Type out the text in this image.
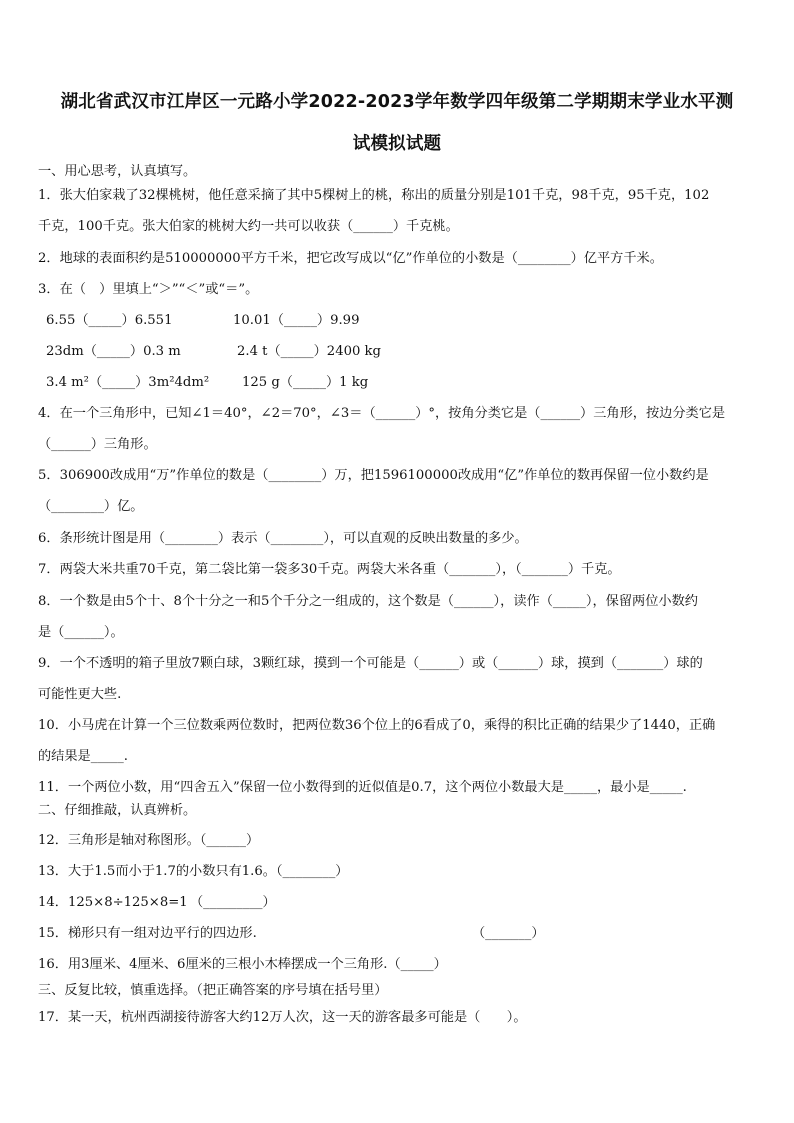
湖北省武汉市江岸区一元路小学2022-2023学年数学四年级第二学期期末学业水平测
试模拟试题
一、用心思考，认真填写。
1．张大伯家栽了32棵桃树，他任意采摘了其中5棵树上的桃，称出的质量分别是101千克，98千克，95千克，102
千克，100千克。张大伯家的桃树大约一共可以收获（______）千克桃。
2．地球的表面积约是510000000平方千米，把它改写成以“亿”作单位的小数是（________）亿平方千米。
3．在（　）里填上“＞”“＜”或“＝”。
6.55（_____）6.551	10.01（_____）9.99
23dm（_____）0.3 m	2.4 t（_____）2400 kg
3.4 m²（_____）3m²4dm² 125 g（_____）1 kg
4．在一个三角形中，已知∠1＝40°，∠2＝70°，∠3＝（______）°，按角分类它是（______）三角形，按边分类它是
（______）三角形。
5．306900改成用“万”作单位的数是（________）万，把1596100000改成用“亿”作单位的数再保留一位小数约是
（________）亿。
6．条形统计图是用（________）表示（________），可以直观的反映出数量的多少。
7．两袋大米共重70千克，第二袋比第一袋多30千克。两袋大米各重（_______），（_______）千克。
8．一个数是由5个十、8个十分之一和5个千分之一组成的，这个数是（______），读作（_____），保留两位小数约
是（______）。
9．一个不透明的箱子里放7颗白球，3颗红球，摸到一个可能是（______）或（______）球，摸到（_______）球的
可能性更大些.
10．小马虎在计算一个三位数乘两位数时，把两位数36个位上的6看成了0，乘得的积比正确的结果少了1440，正确
的结果是_____.
11．一个两位小数，用“四舍五入”保留一位小数得到的近似值是0.7，这个两位小数最大是_____，最小是_____.
二、仔细推敲，认真辨析。
12．三角形是轴对称图形。（______）
13．大于1.5而小于1.7的小数只有1.6。（________）
14．125×8÷125×8=1 （_________）
15．梯形只有一组对边平行的四边形.	（_______）
16．用3厘米、4厘米、6厘米的三根小木棒摆成一个三角形.（_____）
三、反复比较，慎重选择。（把正确答案的序号填在括号里）
17．某一天，杭州西湖接待游客大约12万人次，这一天的游客最多可能是（　　）。
